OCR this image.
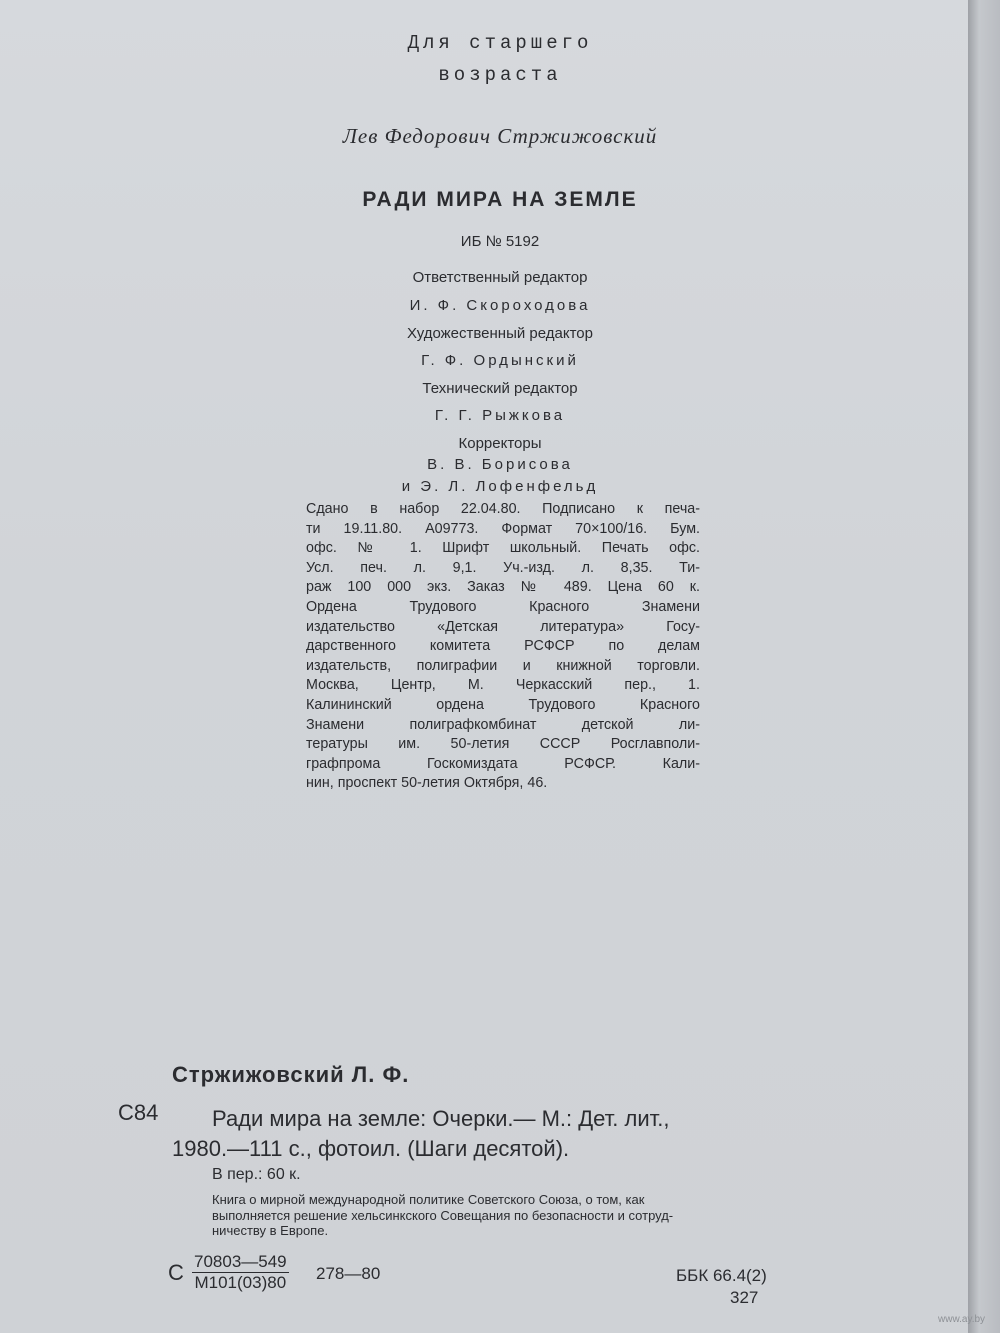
Для старшего
возраста
Лев Федорович Стржижовский
РАДИ МИРА НА ЗЕМЛЕ
ИБ № 5192
Ответственный редактор
И. Ф. Скороходова
Художественный редактор
Г. Ф. Ордынский
Технический редактор
Г. Г. Рыжкова
Корректоры
В. В. Борисова
и Э. Л. Лофенфельд
Сдано в набор 22.04.80. Подписано к печа-
ти 19.11.80. А09773. Формат 70×100/16. Бум.
офс. № 1. Шрифт школьный. Печать офс.
Усл. печ. л. 9,1. Уч.-изд. л. 8,35. Ти-
раж 100 000 экз. Заказ № 489. Цена 60 к.
Ордена Трудового Красного Знамени
издательство «Детская литература» Госу-
дарственного комитета РСФСР по делам
издательств, полиграфии и книжной торговли.
Москва, Центр, М. Черкасский пер., 1.
Калининский ордена Трудового Красного
Знамени полиграфкомбинат детской ли-
тературы им. 50-летия СССР Росглавполи-
графпрома Госкомиздата РСФСР. Кали-
нин, проспект 50-летия Октября, 46.
Стржижовский Л. Ф.
С84 Ради мира на земле: Очерки.— М.: Дет. лит.,
1980.—111 с., фотоил. (Шаги десятой).
В пер.: 60 к.
Книга о мирной международной политике Советского Союза, о том, как
выполняется решение хельсинкского Совещания по безопасности и сотруд-
ничеству в Европе.
С 70803—549
М101(03)80 278—80	ББК 66.4(2)
327
www.ay.by
